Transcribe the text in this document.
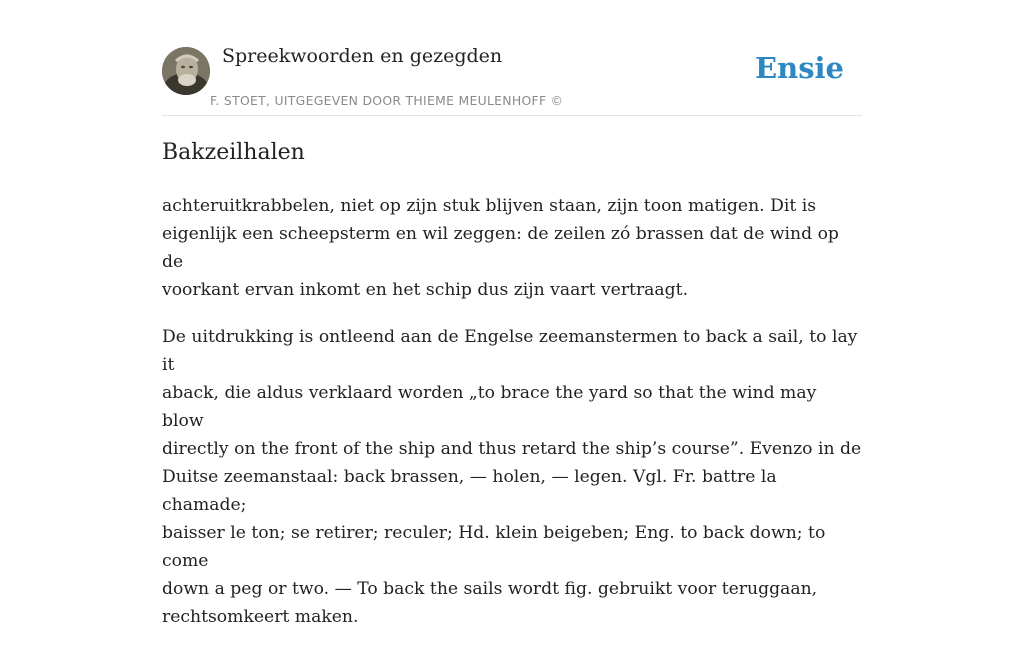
Spreekwoorden en gezegden
F. STOET, UITGEGEVEN DOOR THIEME MEULENHOFF ©
Ensie
Bakzeilhalen

achteruitkrabbelen, niet op zijn stuk blijven staan, zijn toon matigen. Dit is
eigenlijk een scheepsterm en wil zeggen: de zeilen zó brassen dat de wind op de
voorkant ervan inkomt en het schip dus zijn vaart vertraagt.

De uitdrukking is ontleend aan de Engelse zeemanstermen to back a sail, to lay it
aback, die aldus verklaard worden „to brace the yard so that the wind may blow
directly on the front of the ship and thus retard the ship’s course”. Evenzo in de
Duitse zeemanstaal: back brassen, — holen, — legen. Vgl. Fr. battre la chamade;
baisser le ton; se retirer; reculer; Hd. klein beigeben; Eng. to back down; to come
down a peg or two. — To back the sails wordt fig. gebruikt voor teruggaan,
rechtsomkeert maken.
